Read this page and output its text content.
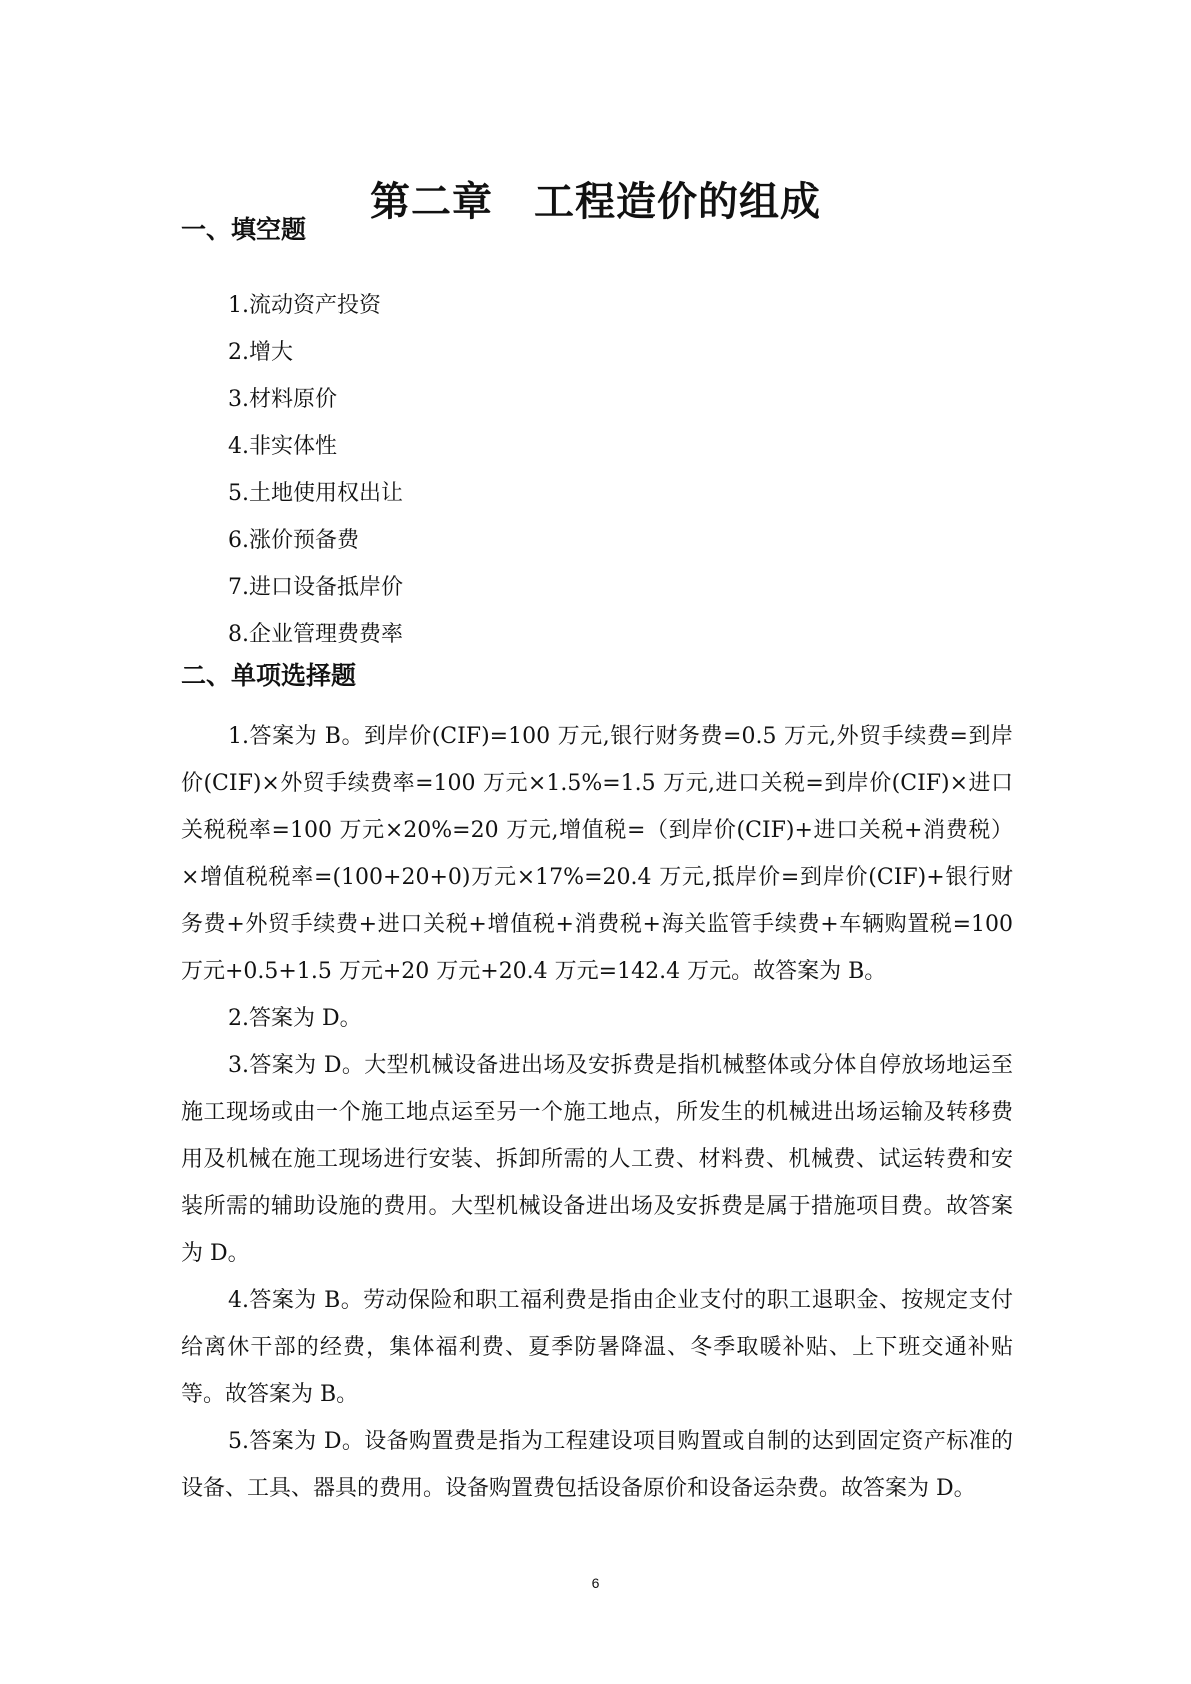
第二章　工程造价的组成
一、填空题
1.流动资产投资
2.增大
3.材料原价
4.非实体性
5.土地使用权出让
6.涨价预备费
7.进口设备抵岸价
8.企业管理费费率
二、单项选择题

1.答案为 B。到岸价(CIF)=100 万元,银行财务费=0.5 万元,外贸手续费=到岸价(CIF)×外贸手续费率=100 万元×1.5%=1.5 万元,进口关税=到岸价(CIF)×进口关税税率=100 万元×20%=20 万元,增值税=（到岸价(CIF)+进口关税+消费税）×增值税税率=(100+20+0)万元×17%=20.4 万元,抵岸价=到岸价(CIF)+银行财务费+外贸手续费+进口关税+增值税+消费税+海关监管手续费+车辆购置税=100 万元+0.5+1.5 万元+20 万元+20.4 万元=142.4 万元。故答案为 B。

2.答案为 D。

3.答案为 D。大型机械设备进出场及安拆费是指机械整体或分体自停放场地运至施工现场或由一个施工地点运至另一个施工地点，所发生的机械进出场运输及转移费用及机械在施工现场进行安装、拆卸所需的人工费、材料费、机械费、试运转费和安装所需的辅助设施的费用。大型机械设备进出场及安拆费是属于措施项目费。故答案为 D。

4.答案为 B。劳动保险和职工福利费是指由企业支付的职工退职金、按规定支付给离休干部的经费，集体福利费、夏季防暑降温、冬季取暖补贴、上下班交通补贴等。故答案为 B。

5.答案为 D。设备购置费是指为工程建设项目购置或自制的达到固定资产标准的设备、工具、器具的费用。设备购置费包括设备原价和设备运杂费。故答案为 D。

6
